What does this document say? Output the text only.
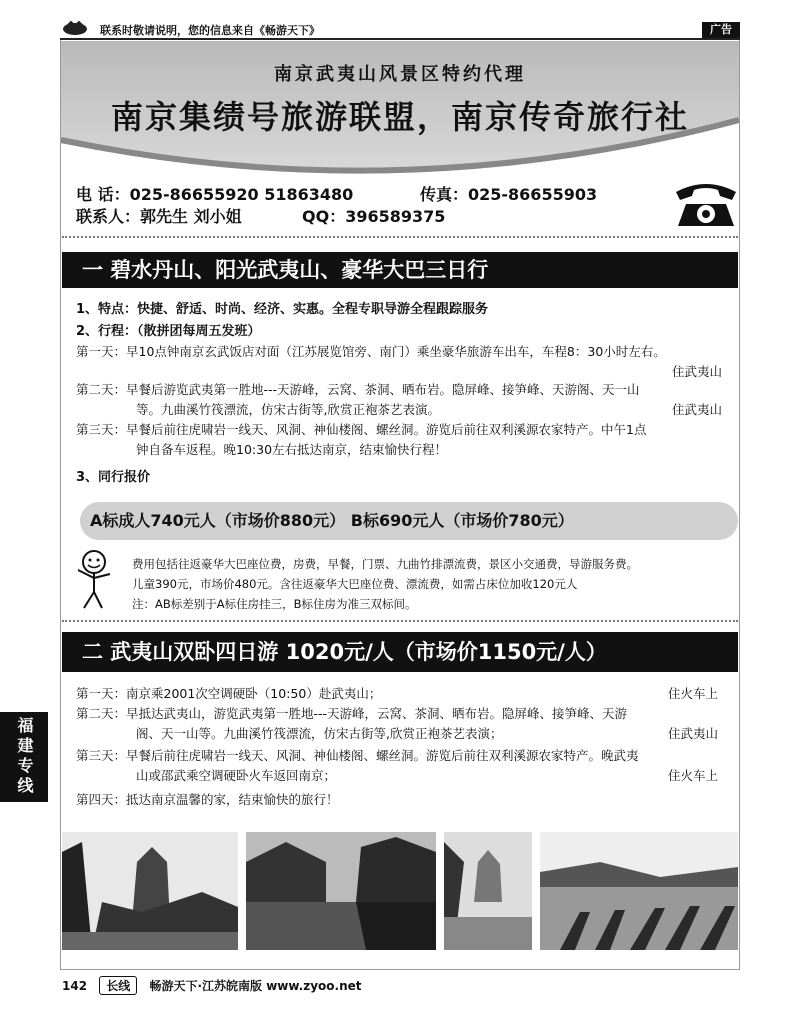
联系时敬请说明，您的信息来自《畅游天下》	广告
南京武夷山风景区特约代理
南京集绩号旅游联盟，南京传奇旅行社
电 话：025-86655920 51863480	传真：025-86655903
联系人：郭先生 刘小姐	QQ：396589375
一 碧水丹山、阳光武夷山、豪华大巴三日行
1、特点：快捷、舒适、时尚、经济、实惠。全程专职导游全程跟踪服务
2、行程：（散拼团每周五发班）
第一天：早10点钟南京玄武饭店对面（江苏展览馆旁、南门）乘坐豪华旅游车出车，车程8：30小时左右。
住武夷山
第二天：早餐后游览武夷第一胜地---天游峰，云窝、茶洞、晒布岩。隐屏峰、接笋峰、天游阁、天一山
等。九曲溪竹筏漂流，仿宋古街等,欣赏正袍茶艺表演。	住武夷山
第三天：早餐后前往虎啸岩一线天、风洞、神仙楼阁、螺丝洞。游览后前往双利溪源农家特产。中午1点
钟自备车返程。晚10:30左右抵达南京，结束愉快行程！
3、同行报价
A标成人740元人（市场价880元） B标690元人（市场价780元）
费用包括往返豪华大巴座位费，房费，早餐，门票、九曲竹排漂流费，景区小交通费，导游服务费。
儿童390元，市场价480元。含往返豪华大巴座位费、漂流费，如需占床位加收120元人
注：AB标差别于A标住房挂三，B标住房为准三双标间。
二 武夷山双卧四日游 1020元/人（市场价1150元/人）
第一天：南京乘2001次空调硬卧（10:50）赴武夷山；	住火车上
第二天：早抵达武夷山，游览武夷第一胜地---天游峰，云窝、茶洞、晒布岩。隐屏峰、接笋峰、天游
阁、天一山等。九曲溪竹筏漂流，仿宋古街等,欣赏正袍茶艺表演；	住武夷山
第三天：早餐后前往虎啸岩一线天、风洞、神仙楼阁、螺丝洞。游览后前往双利溪源农家特产。晚武夷
山或邵武乘空调硬卧火车返回南京；	住火车上
第四天：抵达南京温馨的家，结束愉快的旅行！
福建专线
142 长线 畅游天下·江苏皖南版 www.zyoo.net
